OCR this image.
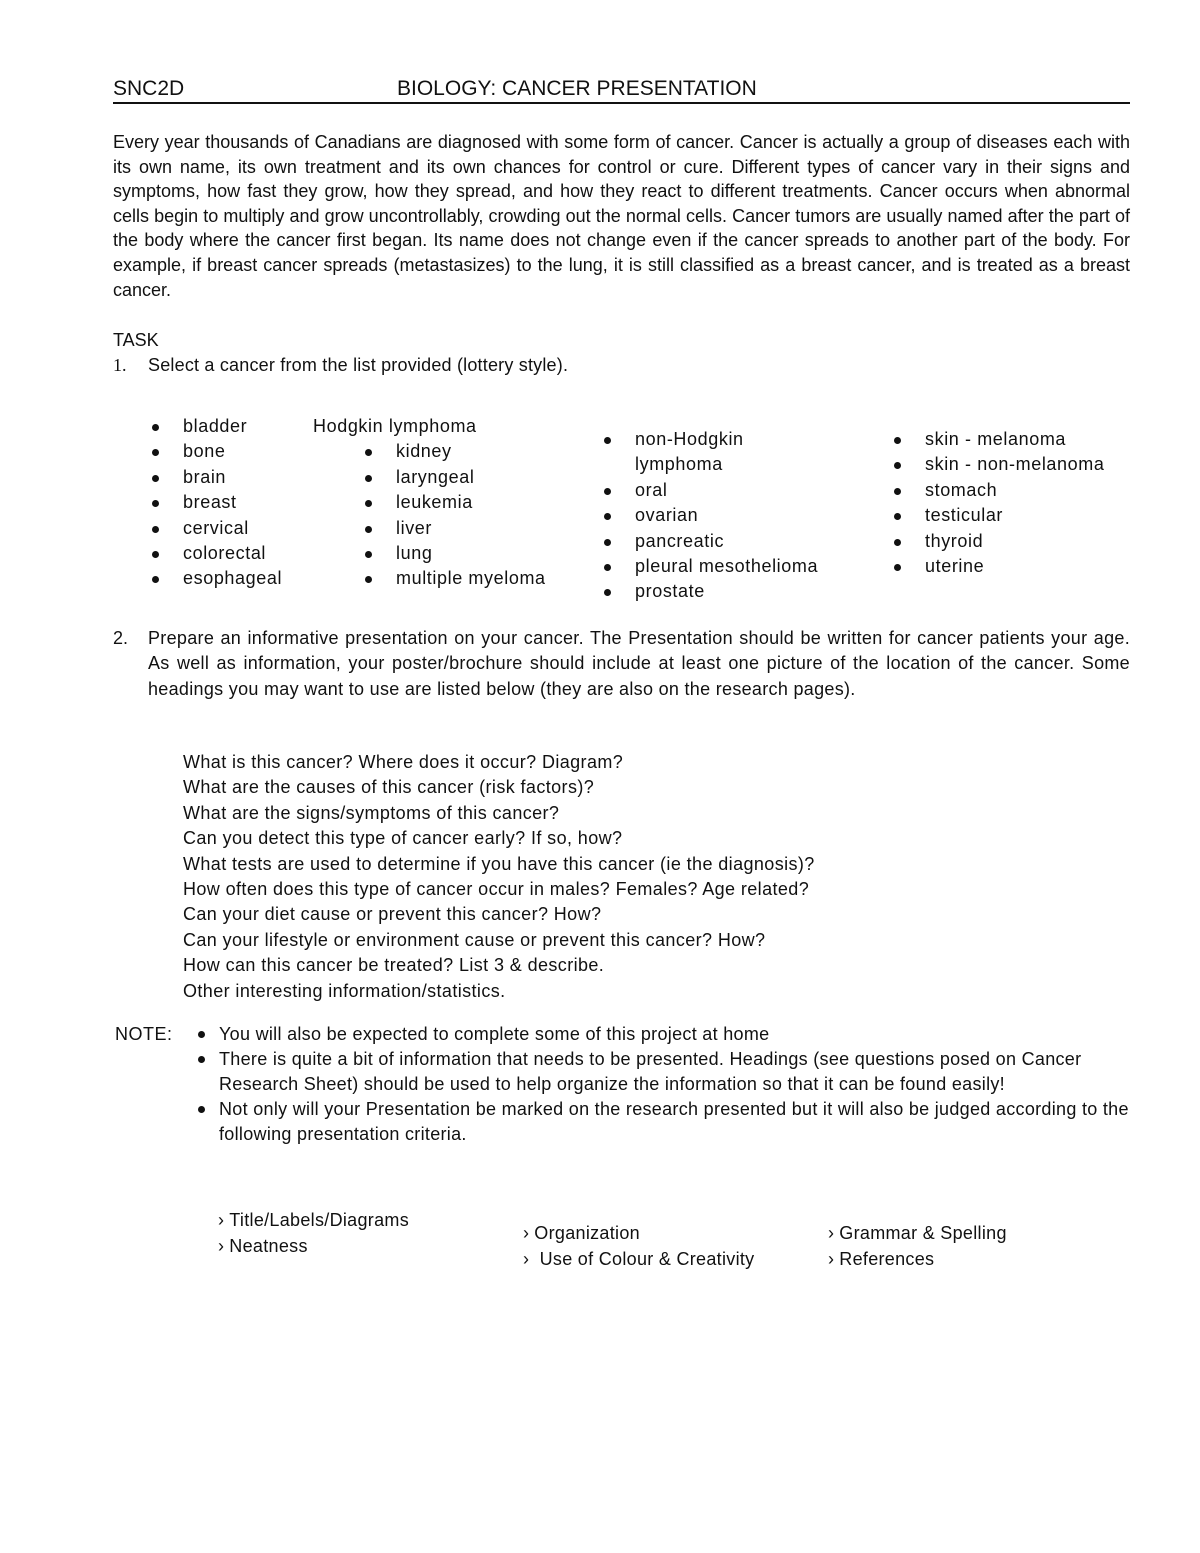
SNC2D	BIOLOGY: CANCER PRESENTATION

Every year thousands of Canadians are diagnosed with some form of cancer. Cancer is actually a group of diseases each with its own name, its own treatment and its own chances for control or cure. Different types of cancer vary in their signs and symptoms, how fast they grow, how they spread, and how they react to different treatments. Cancer occurs when abnormal cells begin to multiply and grow uncontrollably, crowding out the normal cells. Cancer tumors are usually named after the part of the body where the cancer first began. Its name does not change even if the cancer spreads to another part of the body. For example, if breast cancer spreads (metastasizes) to the lung, it is still classified as a breast cancer, and is treated as a breast cancer.

TASK
1. Select a cancer from the list provided (lottery style).
bladder
bone
brain
breast
cervical
colorectal
esophageal
Hodgkin lymphoma
kidney
laryngeal
leukemia
liver
lung
multiple myeloma
non-Hodgkin lymphoma
oral
ovarian
pancreatic
pleural mesothelioma
prostate
skin - melanoma
skin - non-melanoma
stomach
testicular
thyroid
uterine
2. Prepare an informative presentation on your cancer. The Presentation should be written for cancer patients your age. As well as information, your poster/brochure should include at least one picture of the location of the cancer. Some headings you may want to use are listed below (they are also on the research pages).
What is this cancer? Where does it occur? Diagram?
What are the causes of this cancer (risk factors)?
What are the signs/symptoms of this cancer?
Can you detect this type of cancer early? If so, how?
What tests are used to determine if you have this cancer (ie the diagnosis)?
How often does this type of cancer occur in males? Females? Age related?
Can your diet cause or prevent this cancer? How?
Can your lifestyle or environment cause or prevent this cancer? How?
How can this cancer be treated? List 3 & describe.
Other interesting information/statistics.
NOTE:	You will also be expected to complete some of this project at home
There is quite a bit of information that needs to be presented. Headings (see questions posed on Cancer Research Sheet) should be used to help organize the information so that it can be found easily!
Not only will your Presentation be marked on the research presented but it will also be judged according to the following presentation criteria.
› Title/Labels/Diagrams
› Neatness
› Organization
› Use of Colour & Creativity
› Grammar & Spelling
› References
